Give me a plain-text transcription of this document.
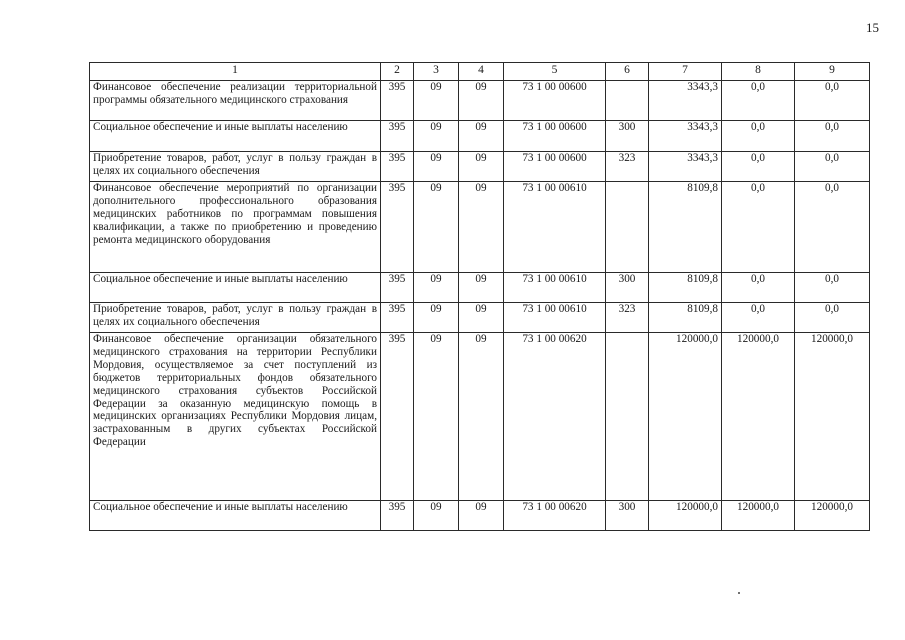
15
1	2	3	4	5	6	7	8	9
Финансовое обеспечение реализации территориальной программы обязательного медицинского страхования	395	09	09	73 1 00 00600		3343,3	0,0	0,0
Социальное обеспечение и иные выплаты населению	395	09	09	73 1 00 00600	300	3343,3	0,0	0,0
Приобретение товаров, работ, услуг в пользу граждан в целях их социального обеспечения	395	09	09	73 1 00 00600	323	3343,3	0,0	0,0
Финансовое обеспечение мероприятий по организации дополнительного профессионального образования медицинских работников по программам повышения квалификации, а также по приобретению и проведению ремонта медицинского оборудования	395	09	09	73 1 00 00610		8109,8	0,0	0,0
Социальное обеспечение и иные выплаты населению	395	09	09	73 1 00 00610	300	8109,8	0,0	0,0
Приобретение товаров, работ, услуг в пользу граждан в целях их социального обеспечения	395	09	09	73 1 00 00610	323	8109,8	0,0	0,0
Финансовое обеспечение организации обязательного медицинского страхования на территории Республики Мордовия, осуществляемое за счет поступлений из бюджетов территориальных фондов обязательного медицинского страхования субъектов Российской Федерации за оказанную медицинскую помощь в медицинских организациях Республики Мордовия лицам, застрахованным в других субъектах Российской Федерации	395	09	09	73 1 00 00620		120000,0	120000,0	120000,0
Социальное обеспечение и иные выплаты населению	395	09	09	73 1 00 00620	300	120000,0	120000,0	120000,0
